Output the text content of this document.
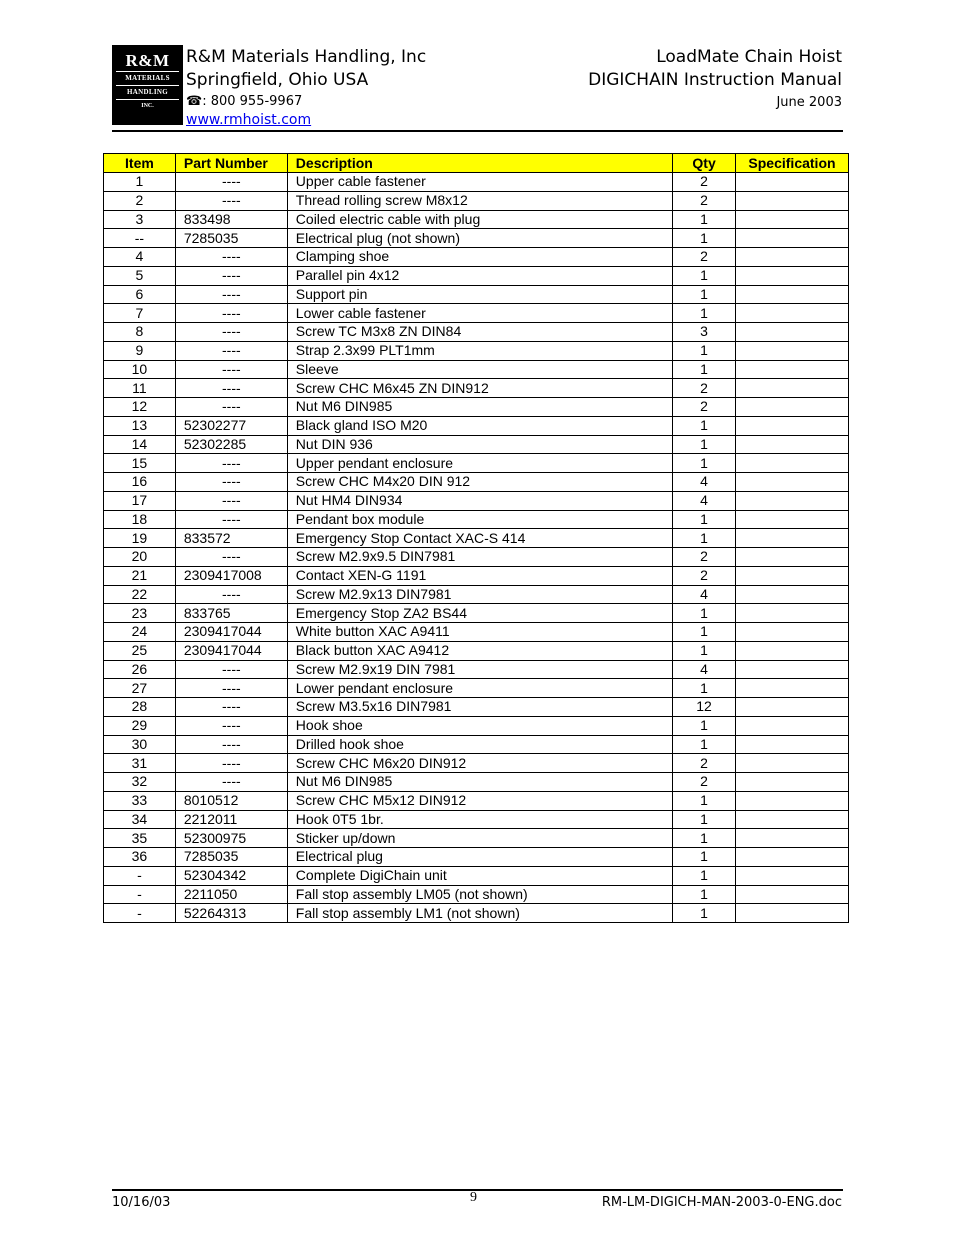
R&M
MATERIALS
HANDLING
INC.
R&M Materials Handling, Inc
Springfield, Ohio USA
☎: 800 955-9967
www.rmhoist.com
LoadMate Chain Hoist
DIGICHAIN Instruction Manual
June 2003
Item	Part Number	Description	Qty	Specification
1	----	Upper cable fastener	2	
2	----	Thread rolling screw M8x12	2	
3	833498	Coiled electric cable with plug	1	
--	7285035	Electrical plug (not shown)	1	
4	----	Clamping shoe	2	
5	----	Parallel pin 4x12	1	
6	----	Support pin	1	
7	----	Lower cable fastener	1	
8	----	Screw TC M3x8 ZN DIN84	3	
9	----	Strap 2.3x99 PLT1mm	1	
10	----	Sleeve	1	
11	----	Screw CHC M6x45 ZN DIN912	2	
12	----	Nut M6 DIN985	2	
13	52302277	Black gland ISO M20	1	
14	52302285	Nut DIN 936	1	
15	----	Upper pendant enclosure	1	
16	----	Screw CHC M4x20 DIN 912	4	
17	----	Nut HM4 DIN934	4	
18	----	Pendant box module	1	
19	833572	Emergency Stop Contact XAC-S 414	1	
20	----	Screw M2.9x9.5 DIN7981	2	
21	2309417008	Contact XEN-G 1191	2	
22	----	Screw M2.9x13 DIN7981	4	
23	833765	Emergency Stop ZA2 BS44	1	
24	2309417044	White button XAC A9411	1	
25	2309417044	Black button XAC A9412	1	
26	----	Screw M2.9x19 DIN 7981	4	
27	----	Lower pendant enclosure	1	
28	----	Screw M3.5x16 DIN7981	12	
29	----	Hook shoe	1	
30	----	Drilled hook shoe	1	
31	----	Screw CHC M6x20 DIN912	2	
32	----	Nut M6 DIN985	2	
33	8010512	Screw CHC M5x12 DIN912	1	
34	2212011	Hook 0T5 1br.	1	
35	52300975	Sticker up/down	1	
36	7285035	Electrical plug	1	
-	52304342	Complete DigiChain unit	1	
-	2211050	Fall stop assembly LM05 (not shown)	1	
-	52264313	Fall stop assembly LM1 (not shown)	1	
10/16/03	9	RM-LM-DIGICH-MAN-2003-0-ENG.doc
